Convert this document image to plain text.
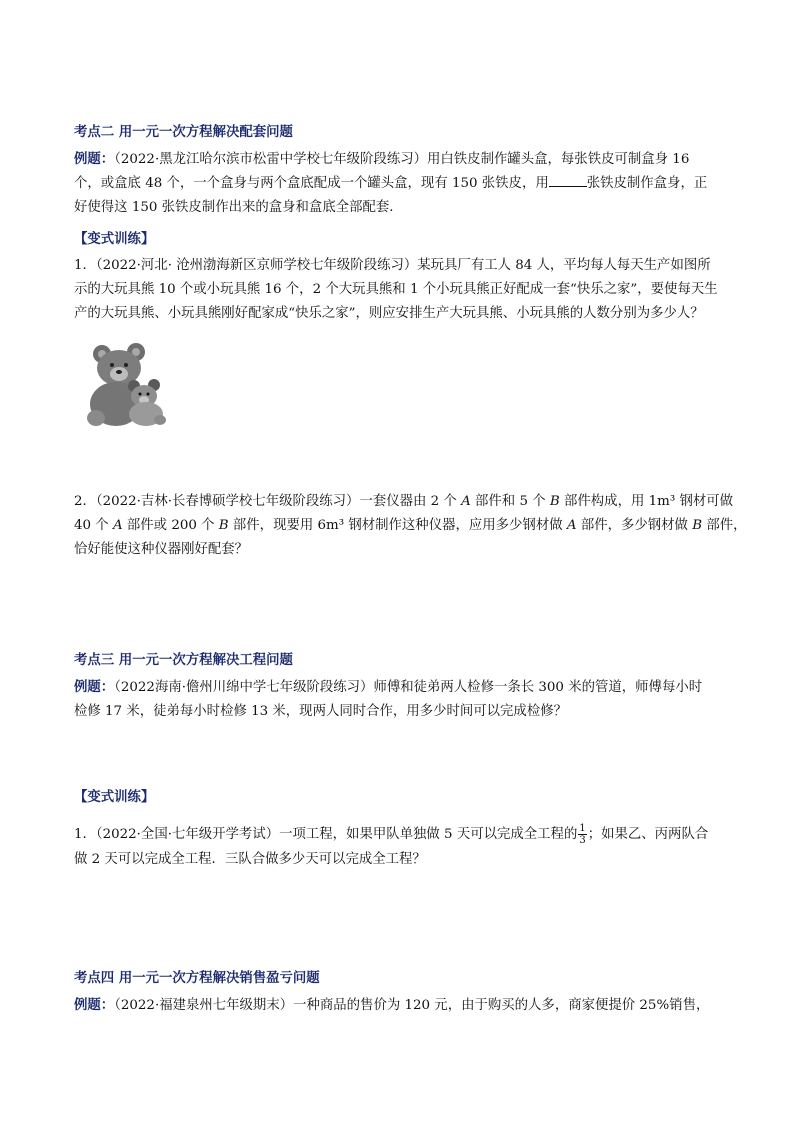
考点二 用一元一次方程解决配套问题
例题：（2022·黑龙江哈尔滨市松雷中学校七年级阶段练习）用白铁皮制作罐头盒，每张铁皮可制盒身 16
个，或盒底 48 个，一个盒身与两个盒底配成一个罐头盒，现有 150 张铁皮，用	张铁皮制作盒身，正
好使得这 150 张铁皮制作出来的盒身和盒底全部配套．
【变式训练】
1．（2022·河北· 沧州渤海新区京师学校七年级阶段练习）某玩具厂有工人 84 人，平均每人每天生产如图所
示的大玩具熊 10 个或小玩具熊 16 个，2 个大玩具熊和 1 个小玩具熊正好配成一套“快乐之家”，要使每天生
产的大玩具熊、小玩具熊刚好配家成“快乐之家”，则应安排生产大玩具熊、小玩具熊的人数分别为多少人？
2．（2022·吉林·长春博硕学校七年级阶段练习）一套仪器由 2 个 A 部件和 5 个 B 部件构成，用 1m³ 钢材可做
40 个 A 部件或 200 个 B 部件，现要用 6m³ 钢材制作这种仪器，应用多少钢材做 A 部件，多少钢材做 B 部件，
恰好能使这种仪器刚好配套？
考点三 用一元一次方程解决工程问题
例题：（2022海南·儋州川绵中学七年级阶段练习）师傅和徒弟两人检修一条长 300 米的管道，师傅每小时
检修 17 米，徒弟每小时检修 13 米，现两人同时合作，用多少时间可以完成检修？
【变式训练】
1．（2022·全国·七年级开学考试）一项工程，如果甲队单独做 5 天可以完成全工程的 $\frac{1}{3}$ ；如果乙、丙两队合
做 2 天可以完成全工程．三队合做多少天可以完成全工程？
考点四 用一元一次方程解决销售盈亏问题
例题：（2022·福建泉州七年级期末）一种商品的售价为 120 元，由于购买的人多，商家便提价 25%销售，
